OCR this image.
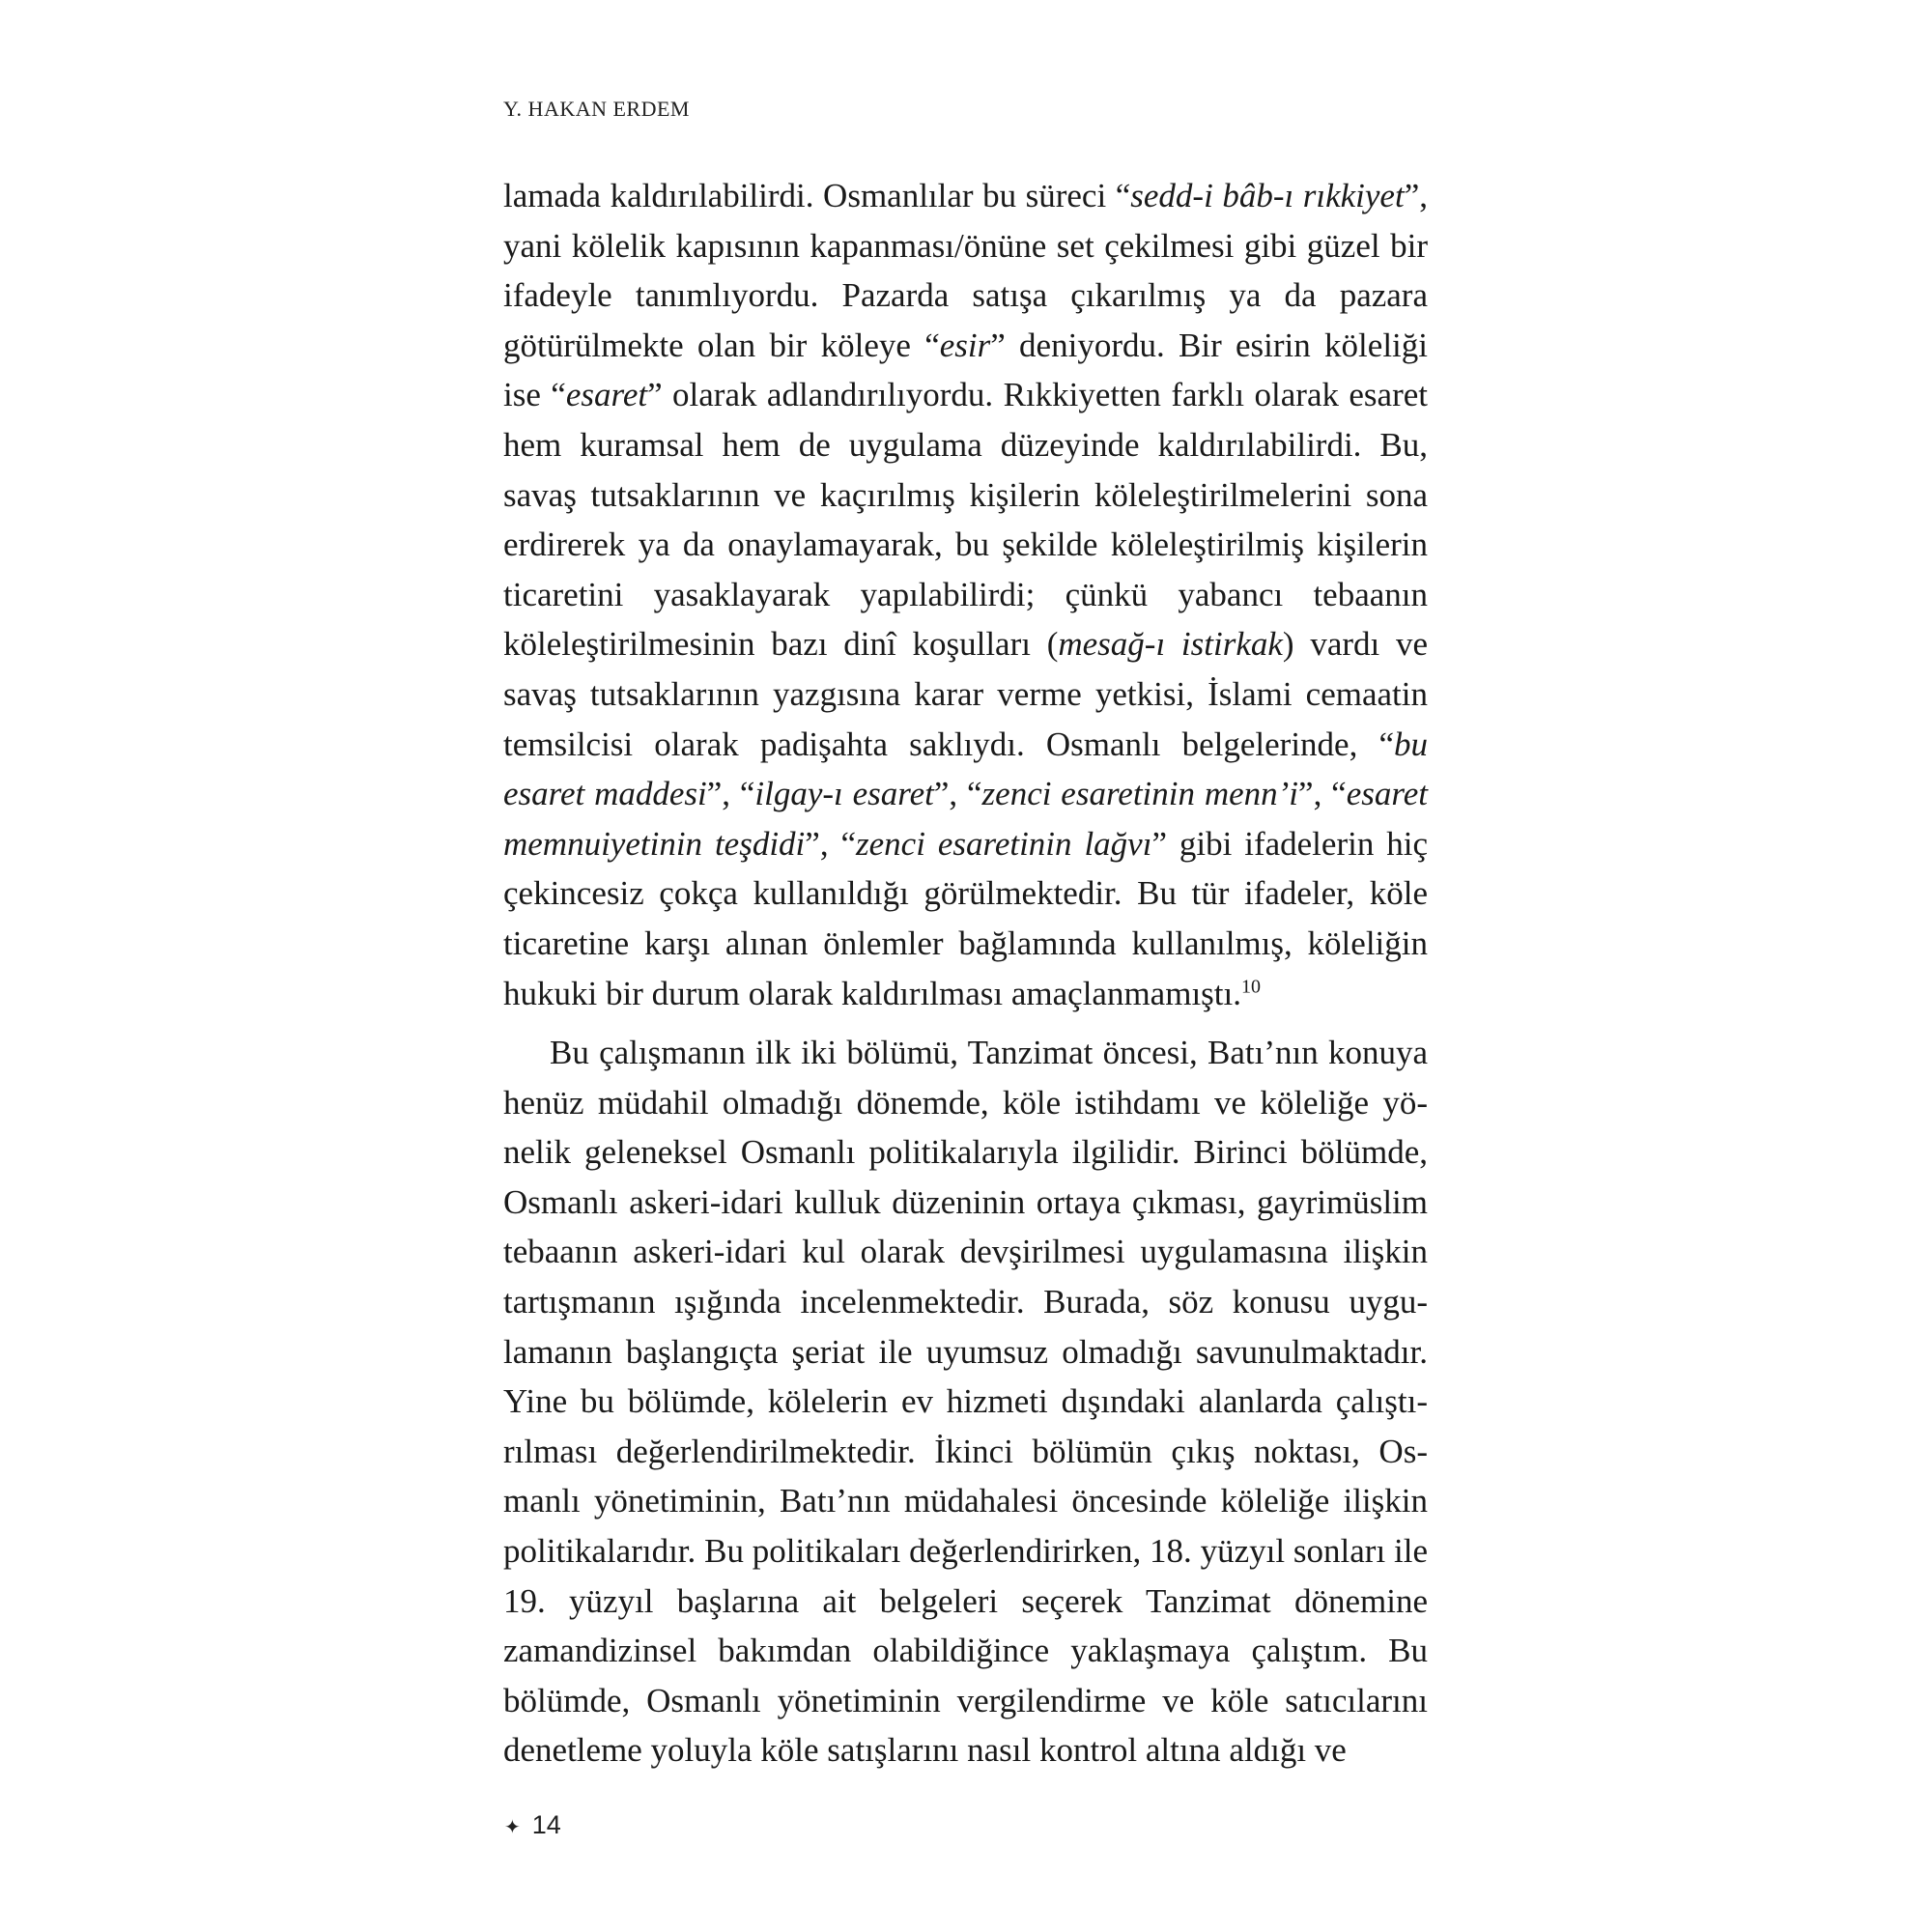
Y. HAKAN ERDEM

lamada kaldırılabilirdi. Osmanlılar bu süreci “sedd-i bâb-ı rıkkiyet”, yani kölelik kapısının kapanması/önüne set çekilmesi gibi güzel bir ifadeyle tanımlıyordu. Pazarda satışa çıkarılmış ya da pazara götürülmekte olan bir köleye “esir” deniyordu. Bir esirin köleliği ise “esaret” olarak adlandırılıyordu. Rıkkiyetten farklı olarak esaret hem kuramsal hem de uygulama düzeyinde kaldırılabilirdi. Bu, savaş tutsaklarının ve kaçırılmış kişilerin köleleştirilmelerini sona erdirerek ya da onaylamayarak, bu şekilde köleleştirilmiş kişilerin ticaretini yasaklayarak yapılabilirdi; çünkü yabancı tebaanın köleleştirilmesinin bazı dinî koşulları (mesağ-ı istirkak) vardı ve savaş tutsaklarının yazgısına karar verme yetkisi, İslami cemaatin temsilcisi olarak padişahta saklıydı. Osmanlı belgelerinde, “bu esaret maddesi”, “ilgay-ı esaret”, “zenci esaretinin menn’i”, “esaret memnuiyetinin teşdidi”, “zenci esaretinin lağvı” gibi ifadelerin hiç çekincesiz çokça kullanıldığı görülmektedir. Bu tür ifadeler, köle ticaretine karşı alınan önlemler bağlamında kullanılmış, köleliğin hukuki bir durum olarak kaldırılması amaçlanmamıştı.$^{10}$

Bu çalışmanın ilk iki bölümü, Tanzimat öncesi, Batı’nın konuya henüz müdahil olmadığı dönemde, köle istihdamı ve köleliğe yönelik geleneksel Osmanlı politikalarıyla ilgilidir. Birinci bölümde, Osmanlı askeri-idari kulluk düzeninin ortaya çıkması, gayrimüslim tebaanın askeri-idari kul olarak devşirilmesi uygulamasına ilişkin tartışmanın ışığında incelenmektedir. Burada, söz konusu uygulamanın başlangıçta şeriat ile uyumsuz olmadığı savunulmaktadır. Yine bu bölümde, kölelerin ev hizmeti dışındaki alanlarda çalıştırılması değerlendirilmektedir. İkinci bölümün çıkış noktası, Osmanlı yönetiminin, Batı’nın müdahalesi öncesinde köleliğe ilişkin politikalarıdır. Bu politikaları değerlendirirken, 18. yüzyıl sonları ile 19. yüzyıl başlarına ait belgeleri seçerek Tanzimat dönemine zamandizinsel bakımdan olabildiğince yaklaşmaya çalıştım. Bu bölümde, Osmanlı yönetiminin vergilendirme ve köle satıcılarını denetleme yoluyla köle satışlarını nasıl kontrol altına aldığı ve

✦ 14
